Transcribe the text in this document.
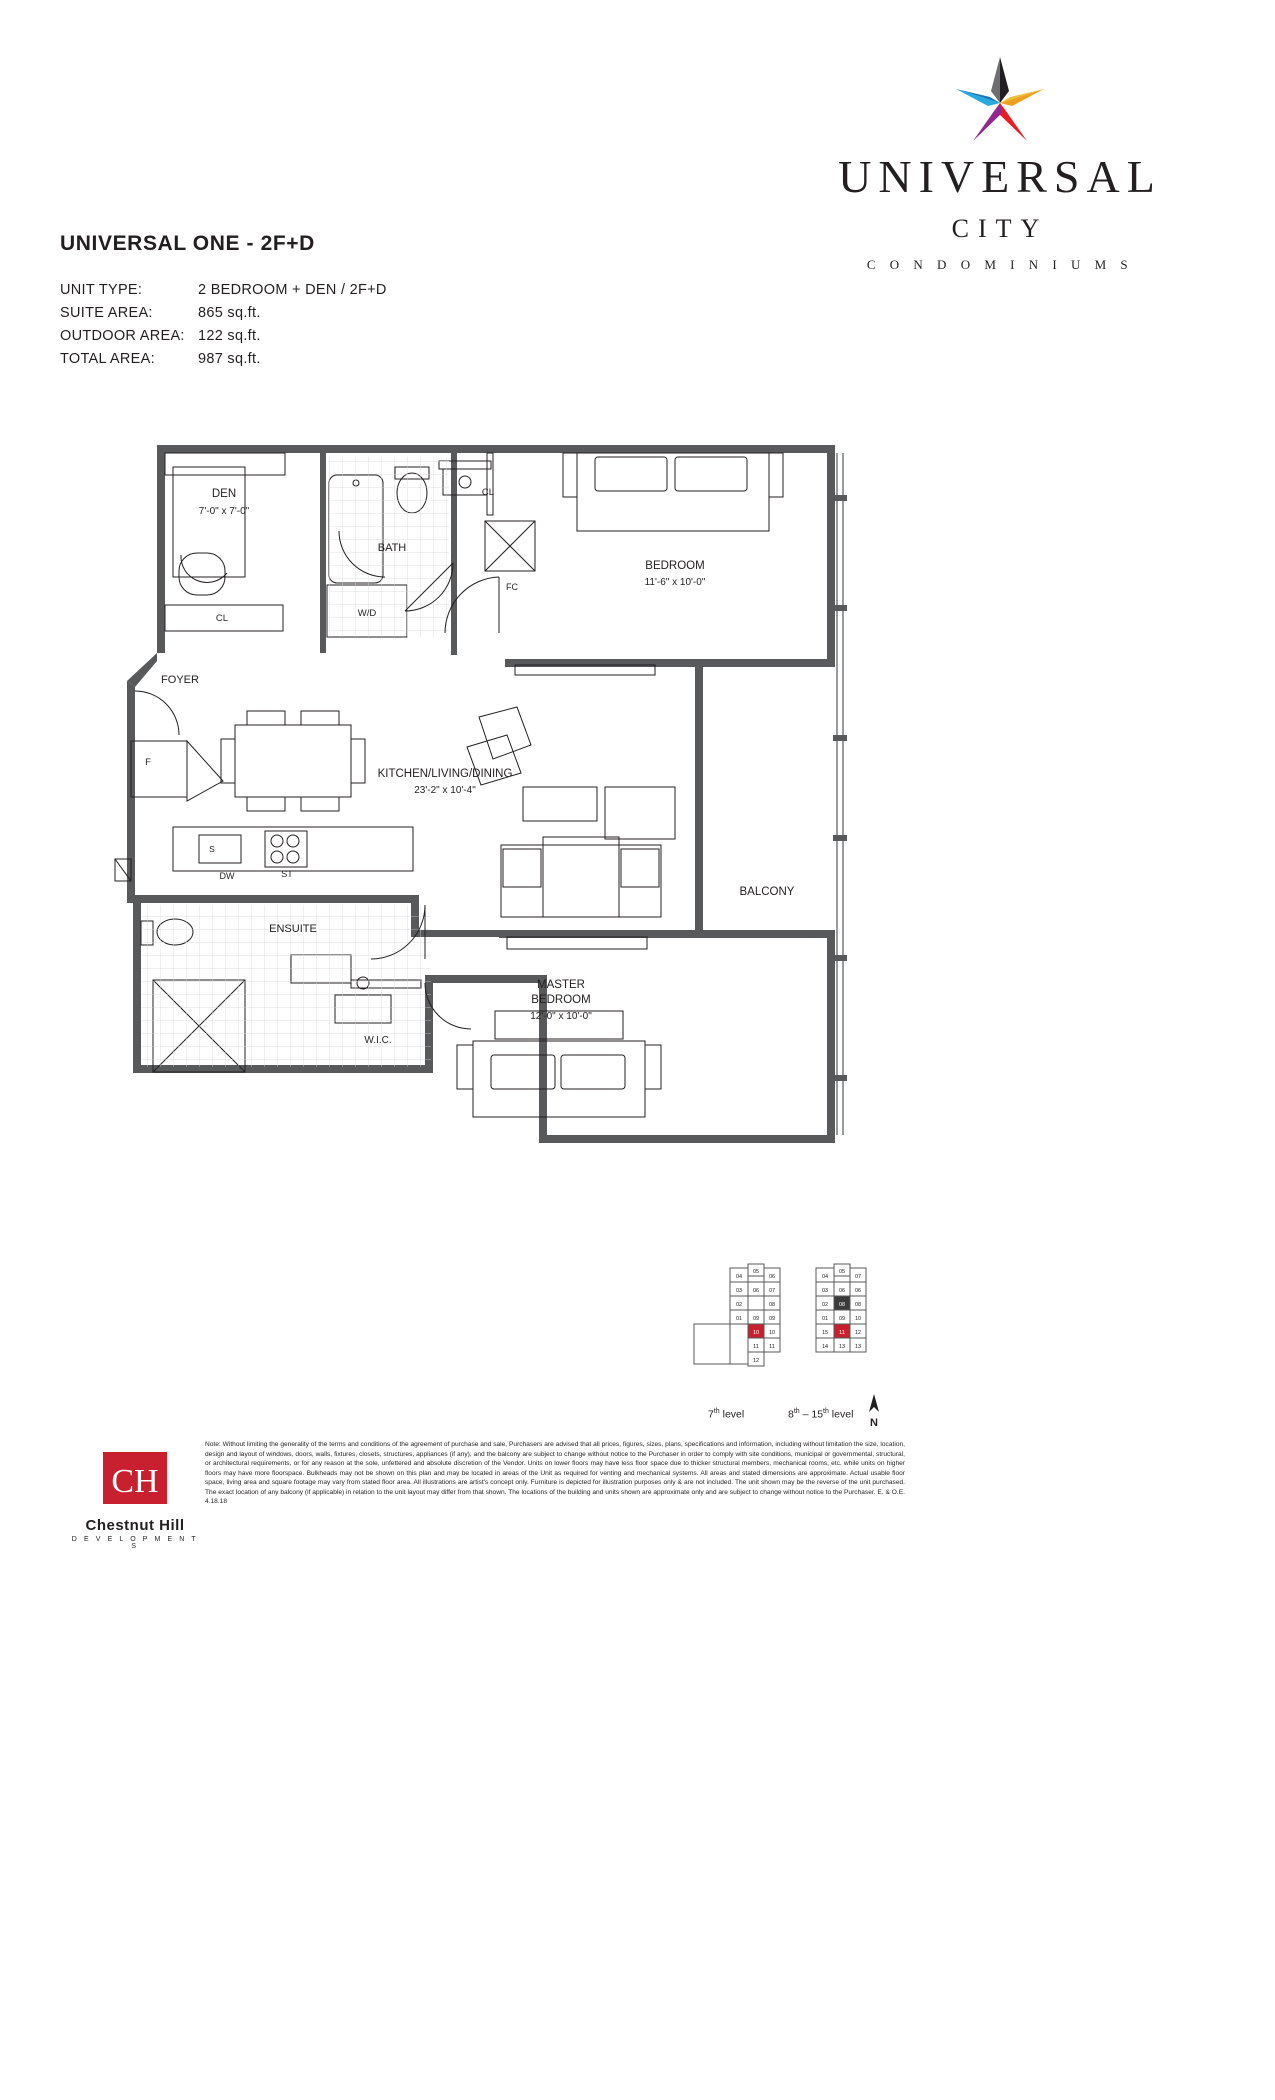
UNIVERSAL
CITY
C O N D O M I N I U M S
UNIVERSAL ONE - 2F+D
UNIT TYPE:	2 BEDROOM + DEN / 2F+D
SUITE AREA:	865 sq.ft.
OUTDOOR AREA: 122 sq.ft.
TOTAL AREA:	987 sq.ft.
DEN
7'-0" x 7'-0"
BATH
CL
FC
W/D
CL
BEDROOM
11'-6" x 10'-0"
FOYER
F
DW	ST
S
KITCHEN/LIVING/DINING
23'-2" x 10'-4"
BALCONY
ENSUITE
W.I.C.
MASTER
BEDROOM
12'-0" x 10'-0"
04
05
06
03 06 07
02	08
01 09 09
10 10
11 11
12
04
05
07
03 06 06
02 08 08
01 09 10
11 12
14 13 13
15
N
7th level	8th – 15th level
Note: Without limiting the generality of the terms and conditions of the agreement of purchase and sale, Purchasers are advised that all prices, figures, sizes, plans, specifications and information, including without limitation the size, location, design and layout of windows, doors, walls, fixtures, closets, structures, appliances (if any), and the balcony are subject to change without notice to the Purchaser in order to comply with site conditions, municipal or governmental, structural, or architectural requirements, or for any reason at the sole, unfettered and absolute discretion of the Vendor. Units on lower floors may have less floor space due to thicker structural members, mechanical rooms, etc. while units on higher floors may have more floorspace. Bulkheads may not be shown on this plan and may be located in areas of the Unit as required for venting and mechanical systems. All areas and stated dimensions are approximate. Actual usable floor space, living area and square footage may vary from stated floor area. All illustrations are artist's concept only. Furniture is depicted for illustration purposes only & are not included. The unit shown may be the reverse of the unit purchased. The exact location of any balcony (if applicable) in relation to the unit layout may differ from that shown. The locations of the building and units shown are approximate only and are subject to change without notice to the Purchaser. E. & O.E. 4.18.18
CH
Chestnut Hill
D E V E L O P M E N T S
